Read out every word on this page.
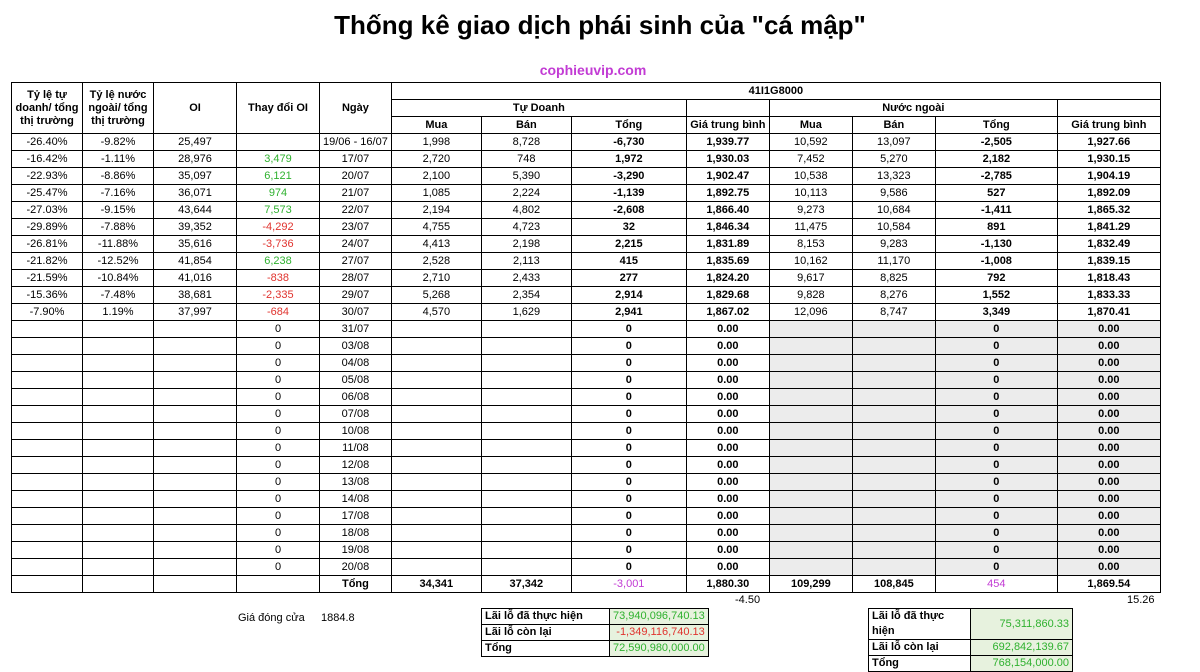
Thống kê giao dịch phái sinh của "cá mập"
cophieuvip.com
Tỷ lệ tự doanh/ tổng thị trường	Tỷ lệ nước ngoài/ tổng thị trường	OI	Thay đổi OI	Ngày	41I1G8000							
					Tự Doanh				Nước ngoài			
					Mua	Bán	Tổng	Giá trung bình	Mua	Bán	Tổng	Giá trung bình
-26.40%	-9.82%	25,497		19/06 - 16/07	1,998	8,728	-6,730	1,939.77	10,592	13,097	-2,505	1,927.66
-16.42%	-1.11%	28,976	3,479	17/07	2,720	748	1,972	1,930.03	7,452	5,270	2,182	1,930.15
-22.93%	-8.86%	35,097	6,121	20/07	2,100	5,390	-3,290	1,902.47	10,538	13,323	-2,785	1,904.19
-25.47%	-7.16%	36,071	974	21/07	1,085	2,224	-1,139	1,892.75	10,113	9,586	527	1,892.09
-27.03%	-9.15%	43,644	7,573	22/07	2,194	4,802	-2,608	1,866.40	9,273	10,684	-1,411	1,865.32
-29.89%	-7.88%	39,352	-4,292	23/07	4,755	4,723	32	1,846.34	11,475	10,584	891	1,841.29
-26.81%	-11.88%	35,616	-3,736	24/07	4,413	2,198	2,215	1,831.89	8,153	9,283	-1,130	1,832.49
-21.82%	-12.52%	41,854	6,238	27/07	2,528	2,113	415	1,835.69	10,162	11,170	-1,008	1,839.15
-21.59%	-10.84%	41,016	-838	28/07	2,710	2,433	277	1,824.20	9,617	8,825	792	1,818.43
-15.36%	-7.48%	38,681	-2,335	29/07	5,268	2,354	2,914	1,829.68	9,828	8,276	1,552	1,833.33
-7.90%	1.19%	37,997	-684	30/07	4,570	1,629	2,941	1,867.02	12,096	8,747	3,349	1,870.41
			0	31/07			0	0.00			0	0.00
			0	03/08			0	0.00			0	0.00
			0	04/08			0	0.00			0	0.00
			0	05/08			0	0.00			0	0.00
			0	06/08			0	0.00			0	0.00
			0	07/08			0	0.00			0	0.00
			0	10/08			0	0.00			0	0.00
			0	11/08			0	0.00			0	0.00
			0	12/08			0	0.00			0	0.00
			0	13/08			0	0.00			0	0.00
			0	14/08			0	0.00			0	0.00
			0	17/08			0	0.00			0	0.00
			0	18/08			0	0.00			0	0.00
			0	19/08			0	0.00			0	0.00
			0	20/08			0	0.00			0	0.00
				Tổng	34,341	37,342	-3,001	1,880.30	109,299	108,845	454	1,869.54
-4.50	15.26
Giá đóng cửa 1884.8	Lãi lỗ đã thực hiện	73,940,096,740.13
Lãi lỗ còn lại	-1,349,116,740.13
Tổng	72,590,980,000.00
Lãi lỗ đã thực hiện	75,311,860.33
Lãi lỗ còn lại	692,842,139.67
Tổng	768,154,000.00
